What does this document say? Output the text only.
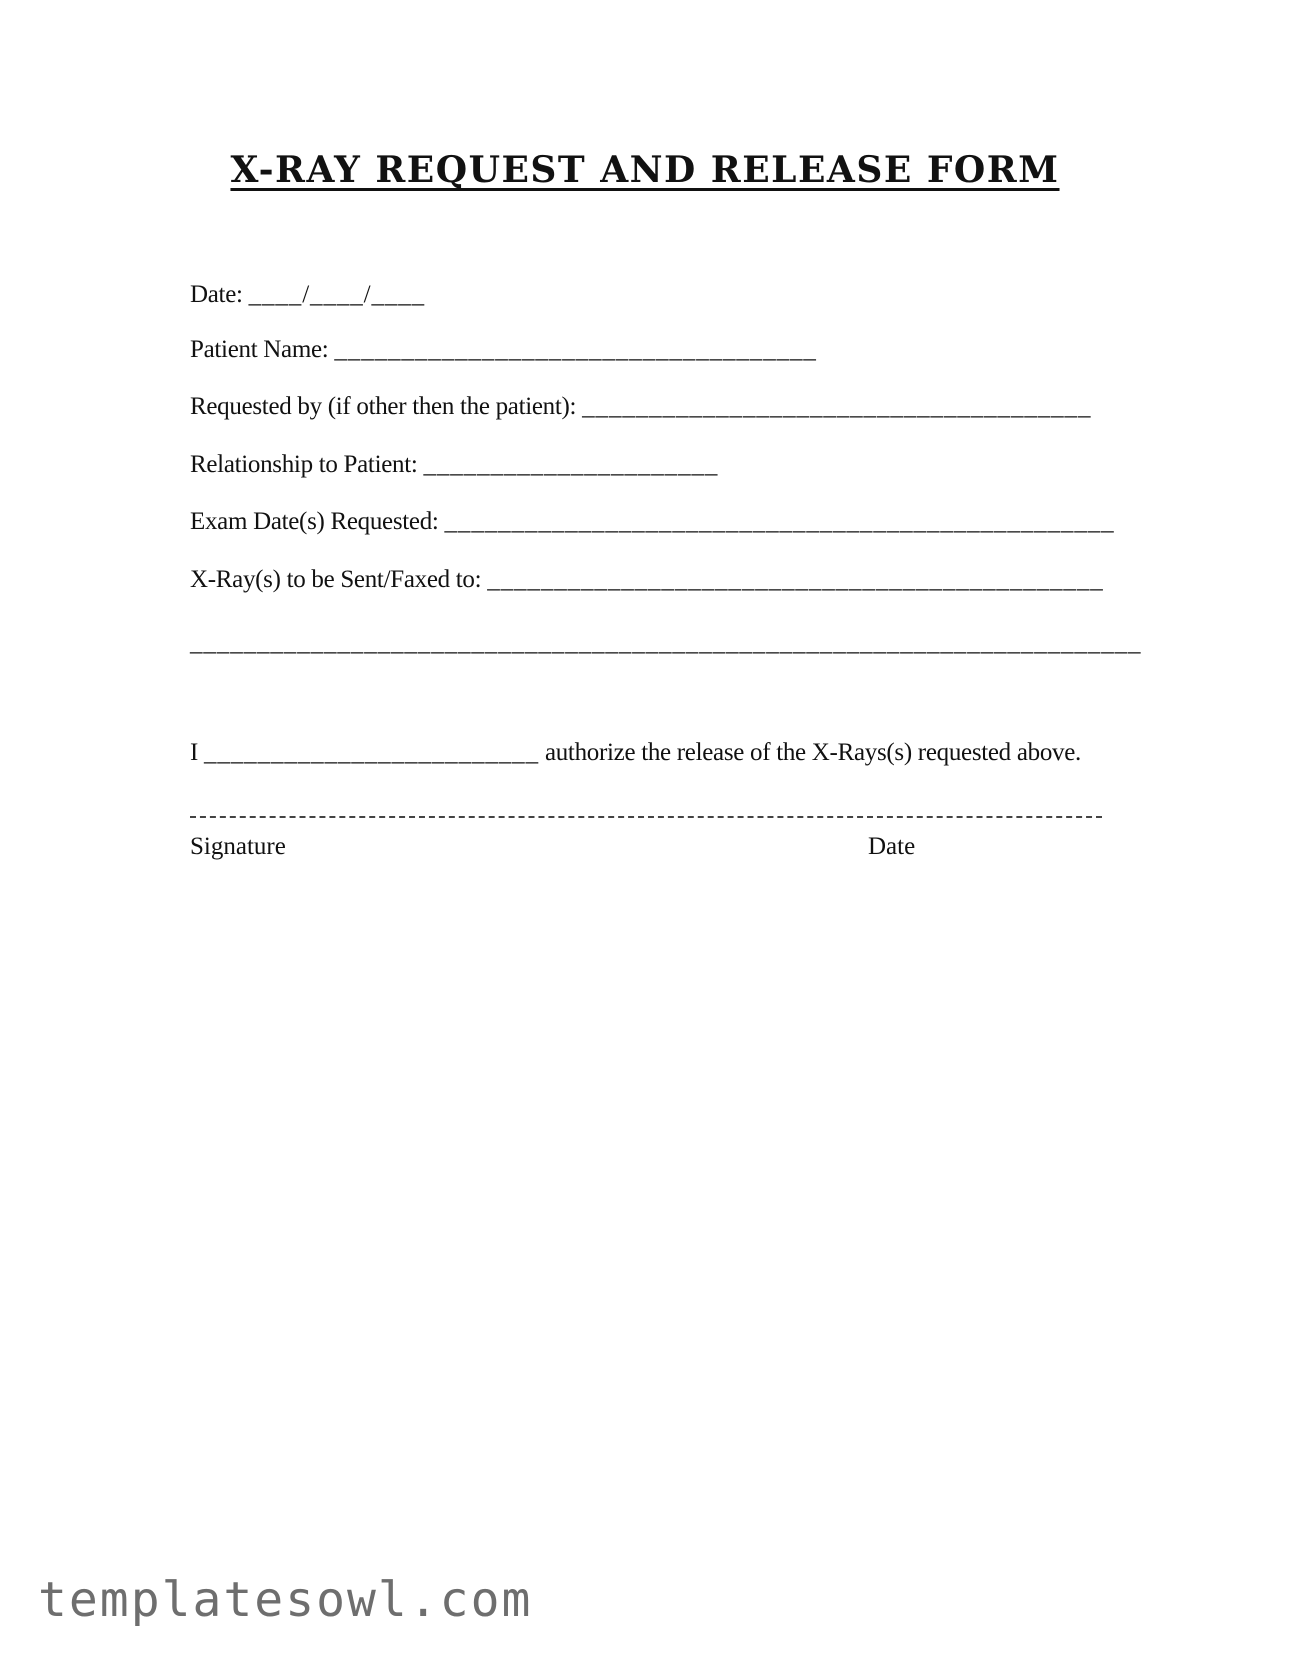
X-RAY REQUEST AND RELEASE FORM
Date: ____/____/____
Patient Name: ____________________________________
Requested by (if other then the patient): ______________________________________
Relationship to Patient: ______________________
Exam Date(s) Requested: __________________________________________________
X-Ray(s) to be Sent/Faxed to: ______________________________________________
_______________________________________________________________________
I _________________________ authorize the release of the X-Rays(s) requested above.
Signature	Date
templatesowl.com
